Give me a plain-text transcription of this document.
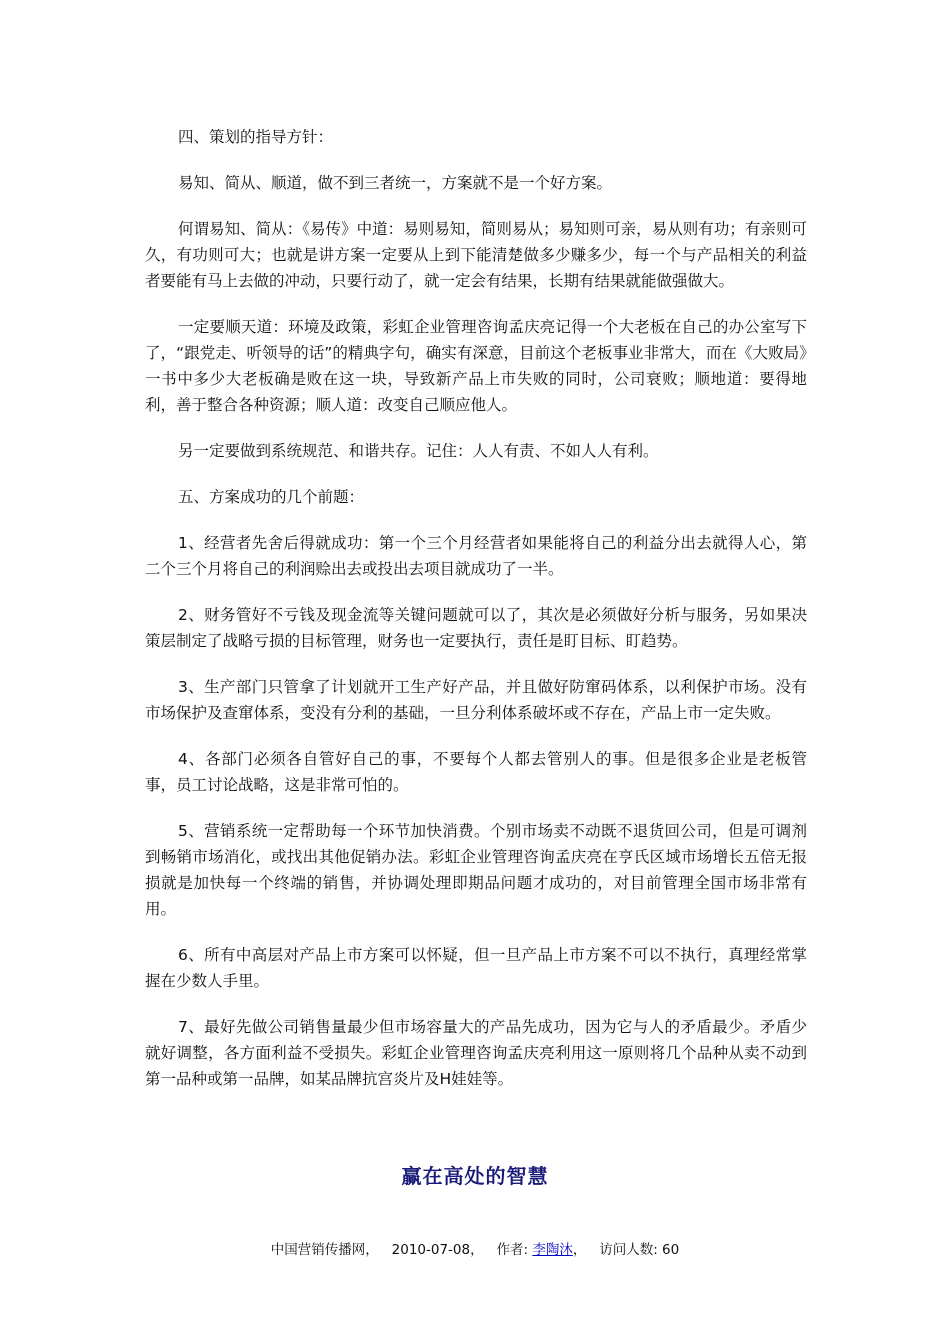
四、策划的指导方针：

易知、简从、顺道，做不到三者统一，方案就不是一个好方案。

何谓易知、简从：《易传》中道：易则易知，简则易从；易知则可亲，易从则有功；有亲则可久，有功则可大；也就是讲方案一定要从上到下能清楚做多少赚多少，每一个与产品相关的利益者要能有马上去做的冲动，只要行动了，就一定会有结果，长期有结果就能做强做大。

一定要顺天道：环境及政策，彩虹企业管理咨询孟庆亮记得一个大老板在自己的办公室写下了，“跟党走、听领导的话”的精典字句，确实有深意，目前这个老板事业非常大，而在《大败局》一书中多少大老板确是败在这一块，导致新产品上市失败的同时，公司衰败；顺地道：要得地利，善于整合各种资源；顺人道：改变自己顺应他人。

另一定要做到系统规范、和谐共存。记住：人人有责、不如人人有利。

五、方案成功的几个前题：

1、经营者先舍后得就成功：第一个三个月经营者如果能将自己的利益分出去就得人心，第二个三个月将自己的利润赊出去或投出去项目就成功了一半。

2、财务管好不亏钱及现金流等关键问题就可以了，其次是必须做好分析与服务，另如果决策层制定了战略亏损的目标管理，财务也一定要执行，责任是盯目标、盯趋势。

3、生产部门只管拿了计划就开工生产好产品，并且做好防窜码体系，以利保护市场。没有市场保护及查窜体系，变没有分利的基础，一旦分利体系破坏或不存在，产品上市一定失败。

4、各部门必须各自管好自己的事，不要每个人都去管别人的事。但是很多企业是老板管事，员工讨论战略，这是非常可怕的。

5、营销系统一定帮助每一个环节加快消费。个别市场卖不动既不退货回公司，但是可调剂到畅销市场消化，或找出其他促销办法。彩虹企业管理咨询孟庆亮在亨氏区域市场增长五倍无报损就是加快每一个终端的销售，并协调处理即期品问题才成功的，对目前管理全国市场非常有用。

6、所有中高层对产品上市方案可以怀疑，但一旦产品上市方案不可以不执行，真理经常掌握在少数人手里。

7、最好先做公司销售量最少但市场容量大的产品先成功，因为它与人的矛盾最少。矛盾少就好调整，各方面利益不受损失。彩虹企业管理咨询孟庆亮利用这一原则将几个品种从卖不动到第一品种或第一品牌，如某品牌抗宫炎片及H娃娃等。

赢在高处的智慧
中国营销传播网， 2010-07-08， 作者: 李陶沐， 访问人数: 60
